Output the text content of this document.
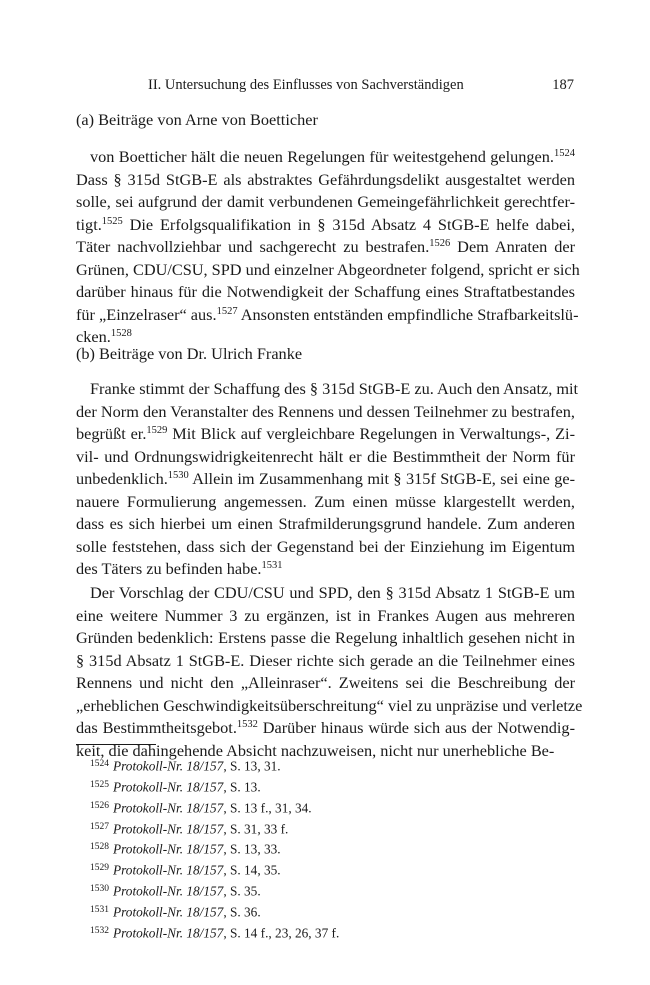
II. Untersuchung des Einflusses von Sachverständigen	187
(a) Beiträge von Arne von Boetticher
von Boetticher hält die neuen Regelungen für weitestgehend gelungen.$^{1524}$
Dass § 315d StGB-E als abstraktes Gefährdungsdelikt ausgestaltet werden
solle, sei aufgrund der damit verbundenen Gemeingefährlichkeit gerechtfer-
tigt.$^{1525}$ Die Erfolgsqualifikation in § 315d Absatz 4 StGB-E helfe dabei,
Täter nachvollziehbar und sachgerecht zu bestrafen.$^{1526}$ Dem Anraten der
Grünen, CDU/CSU, SPD und einzelner Abgeordneter folgend, spricht er sich
darüber hinaus für die Notwendigkeit der Schaffung eines Straftatbestandes
für „Einzelraser“ aus.$^{1527}$ Ansonsten entständen empfindliche Strafbarkeitslü-
cken.$^{1528}$
(b) Beiträge von Dr. Ulrich Franke
Franke stimmt der Schaffung des § 315d StGB-E zu. Auch den Ansatz, mit
der Norm den Veranstalter des Rennens und dessen Teilnehmer zu bestrafen,
begrüßt er.$^{1529}$ Mit Blick auf vergleichbare Regelungen in Verwaltungs-, Zi-
vil- und Ordnungswidrigkeitenrecht hält er die Bestimmtheit der Norm für
unbedenklich.$^{1530}$ Allein im Zusammenhang mit § 315f StGB-E, sei eine ge-
nauere Formulierung angemessen. Zum einen müsse klargestellt werden,
dass es sich hierbei um einen Strafmilderungsgrund handele. Zum anderen
solle feststehen, dass sich der Gegenstand bei der Einziehung im Eigentum
des Täters zu befinden habe.$^{1531}$
Der Vorschlag der CDU/CSU und SPD, den § 315d Absatz 1 StGB-E um
eine weitere Nummer 3 zu ergänzen, ist in Frankes Augen aus mehreren
Gründen bedenklich: Erstens passe die Regelung inhaltlich gesehen nicht in
§ 315d Absatz 1 StGB-E. Dieser richte sich gerade an die Teilnehmer eines
Rennens und nicht den „Alleinraser“. Zweitens sei die Beschreibung der
„erheblichen Geschwindigkeitsüberschreitung“ viel zu unpräzise und verletze
das Bestimmtheitsgebot.$^{1532}$ Darüber hinaus würde sich aus der Notwendig-
keit, die dahingehende Absicht nachzuweisen, nicht nur unerhebliche Be-
$^{1524}$ Protokoll-Nr. 18/157, S. 13, 31.
$^{1525}$ Protokoll-Nr. 18/157, S. 13.
$^{1526}$ Protokoll-Nr. 18/157, S. 13 f., 31, 34.
$^{1527}$ Protokoll-Nr. 18/157, S. 31, 33 f.
$^{1528}$ Protokoll-Nr. 18/157, S. 13, 33.
$^{1529}$ Protokoll-Nr. 18/157, S. 14, 35.
$^{1530}$ Protokoll-Nr. 18/157, S. 35.
$^{1531}$ Protokoll-Nr. 18/157, S. 36.
$^{1532}$ Protokoll-Nr. 18/157, S. 14 f., 23, 26, 37 f.
